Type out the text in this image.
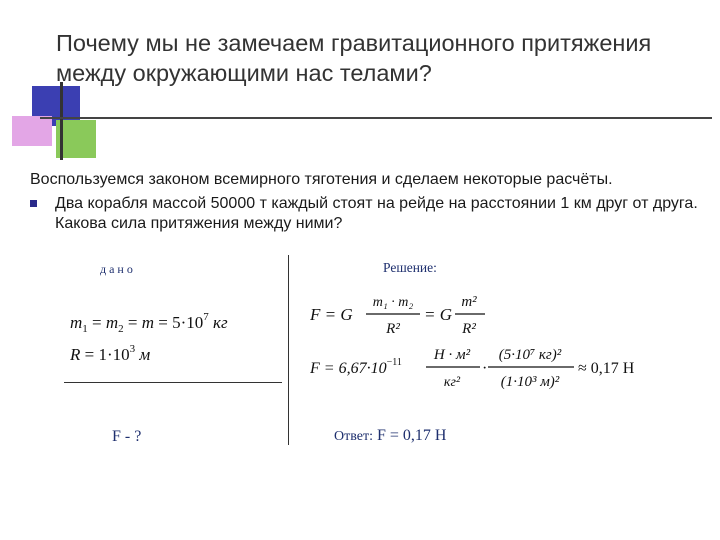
Почему мы не замечаем гравитационного притяжения между окружающими нас телами?
Воспользуемся законом всемирного тяготения и сделаем некоторые расчёты.
Два корабля массой 50000 т каждый стоят на рейде на расстоянии 1 км друг от друга. Какова сила притяжения между ними?
дано
$m_1 = m_2 = m = 5\cdot 10^7$ кг
$R = 1\cdot 10^3$ м
F - ?
Решение:
F = G
m₁ · m₂
R²
= G
m²
R²
$F = 6,67\cdot 10^{-11}$ Н · м²
кг²
·
(5·10⁷ кг)²
(1·10³ м)²
≈ 0,17 Н
Ответ: F = 0,17 Н
